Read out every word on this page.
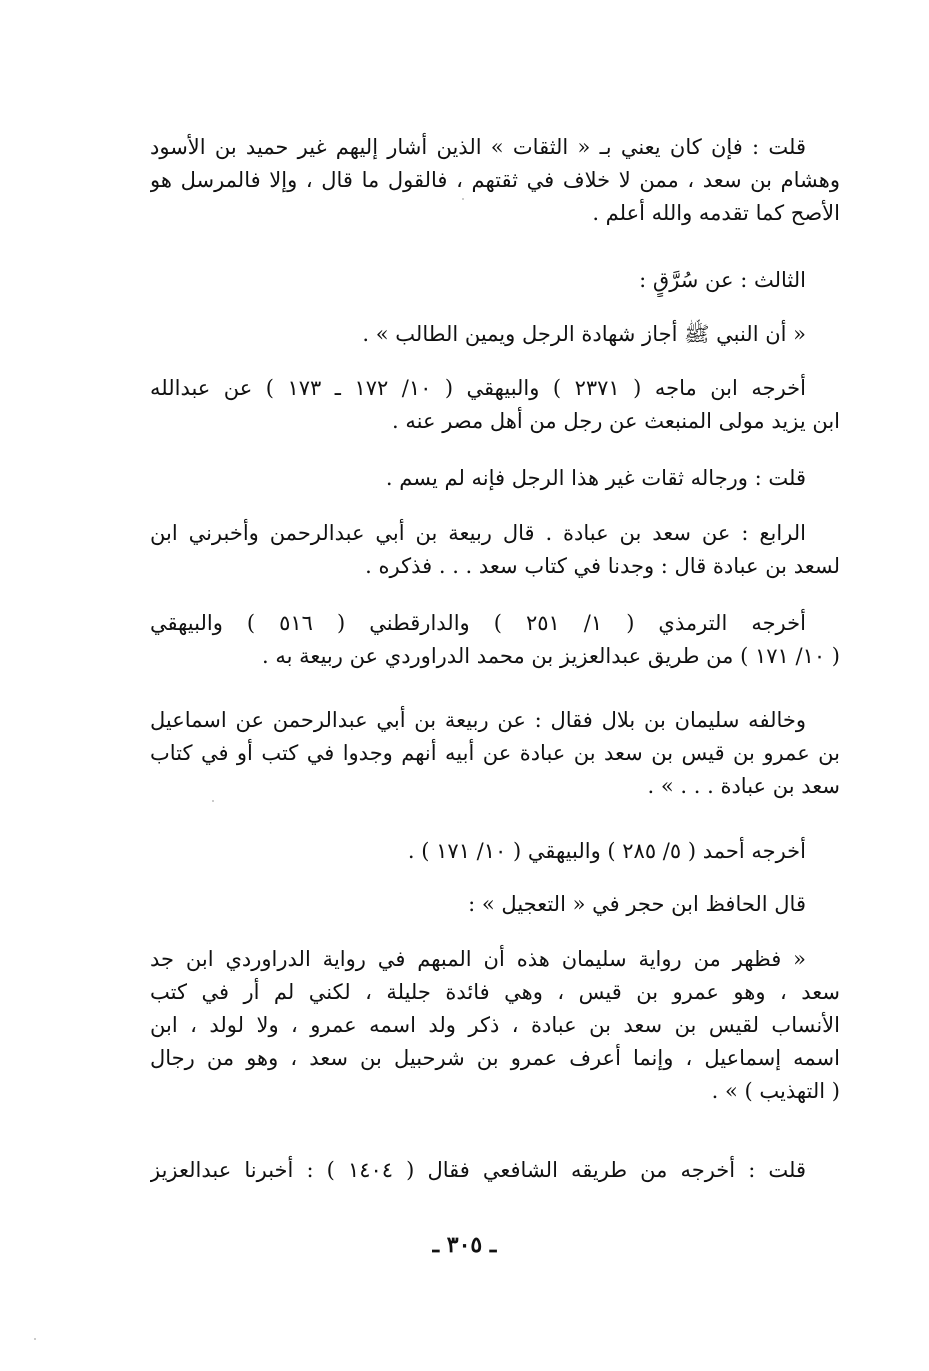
قلت : فإن كان يعني بـ « الثقات » الذين أشار إليهم غير حميد بن الأسود
وهشام بن سعد ، ممن لا خلاف في ثقتهم ، فالقول ما قال ، وإلا فالمرسل هو
الأصح كما تقدمه والله أعلم .
الثالث : عن سُرَّقٍ :
« أن النبي ﷺ أجاز شهادة الرجل ويمين الطالب » .
أخرجه ابن ماجه ( ٢٣٧١ ) والبيهقي ( ١٠/ ١٧٢ ـ ١٧٣ ) عن عبدالله
ابن يزيد مولى المنبعث عن رجل من أهل مصر عنه .
قلت : ورجاله ثقات غير هذا الرجل فإنه لم يسم .
الرابع : عن سعد بن عبادة . قال ربيعة بن أبي عبدالرحمن وأخبرني ابن
لسعد بن عبادة قال : وجدنا في كتاب سعد . . . فذكره .
أخرجه الترمذي ( ١/ ٢٥١ ) والدارقطني ( ٥١٦ ) والبيهقي
( ١٠/ ١٧١ ) من طريق عبدالعزيز بن محمد الدراوردي عن ربيعة به .
وخالفه سليمان بن بلال فقال : عن ربيعة بن أبي عبدالرحمن عن اسماعيل
بن عمرو بن قيس بن سعد بن عبادة عن أبيه أنهم وجدوا في كتب أو في كتاب
سعد بن عبادة . . . » .
أخرجه أحمد ( ٥/ ٢٨٥ ) والبيهقي ( ١٠/ ١٧١ ) .
قال الحافظ ابن حجر في « التعجيل » :
« فظهر من رواية سليمان هذه أن المبهم في رواية الدراوردي ابن جد
سعد ، وهو عمرو بن قيس ، وهي فائدة جليلة ، لكني لم أر في كتب
الأنساب لقيس بن سعد بن عبادة ، ذكر ولد اسمه عمرو ، ولا لولد ، ابن
اسمه إسماعيل ، وإنما أعرف عمرو بن شرحبيل بن سعد ، وهو من رجال
( التهذيب ) » .
قلت : أخرجه من طريقه الشافعي فقال ( ١٤٠٤ ) : أخبرنا عبدالعزيز
ـ ٣٠٥ ـ
